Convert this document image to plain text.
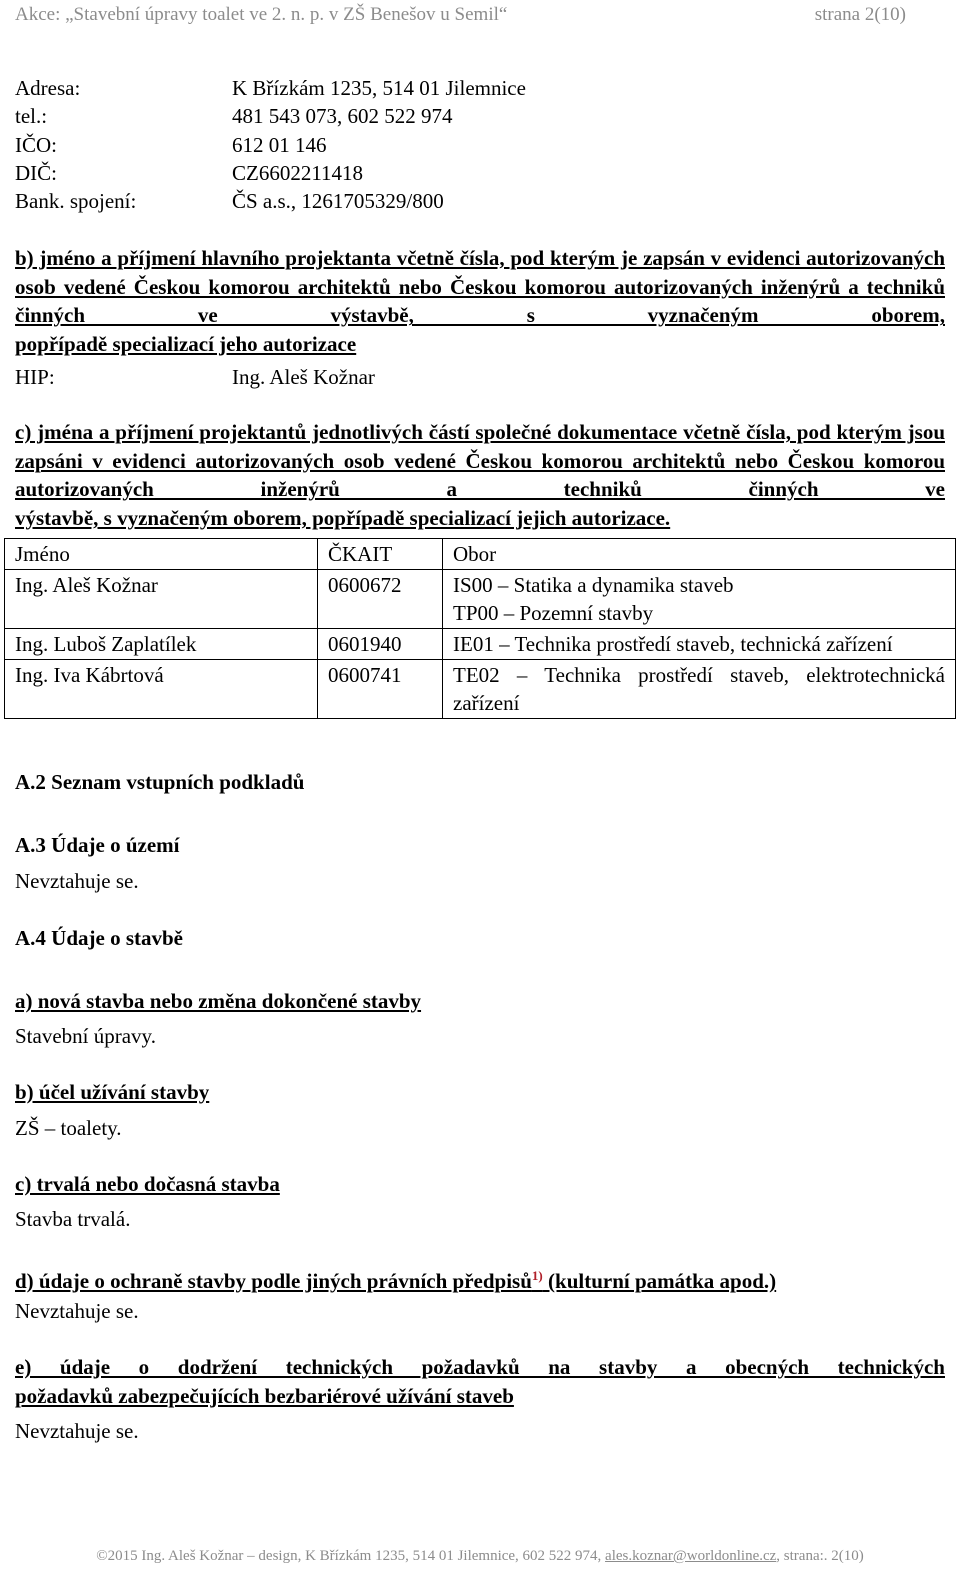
Akce: „Stavební úpravy toalet ve 2. n. p. v ZŠ Benešov u Semil“	strana 2(10)
Adresa:	K Břízkám 1235, 514 01 Jilemnice
tel.:	481 543 073, 602 522 974
IČO:	612 01 146
DIČ:	CZ6602211418
Bank. spojení:	ČS a.s., 1261705329/800
b) jméno a příjmení hlavního projektanta včetně čísla, pod kterým je zapsán v evidenci autorizovaných osob vedené Českou komorou architektů nebo Českou komorou autorizovaných inženýrů a techniků činných ve výstavbě, s vyznačeným oborem,
popřípadě specializací jeho autorizace
HIP:	Ing. Aleš Kožnar
c) jména a příjmení projektantů jednotlivých částí společné dokumentace včetně čísla, pod kterým jsou zapsáni v evidenci autorizovaných osob vedené Českou komorou architektů nebo Českou komorou autorizovaných inženýrů a techniků činných ve
výstavbě, s vyznačeným oborem, popřípadě specializací jejich autorizace.
Jméno	ČKAIT	Obor
Ing. Aleš Kožnar	0600672	IS00 – Statika a dynamika staveb
TP00 – Pozemní stavby

Ing. Luboš Zaplatílek	0601940	IE01 – Technika prostředí staveb, technická zařízení
Ing. Iva Kábrtová	0600741	TE02 – Technika prostředí staveb, elektrotechnická zařízení
A.2 Seznam vstupních podkladů
A.3 Údaje o území
Nevztahuje se.
A.4 Údaje o stavbě
a) nová stavba nebo změna dokončené stavby
Stavební úpravy.
b) účel užívání stavby
ZŠ – toalety.
c) trvalá nebo dočasná stavba
Stavba trvalá.
d) údaje o ochraně stavby podle jiných právních předpisů$^{1)}$ (kulturní památka apod.)
Nevztahuje se.
e) údaje o dodržení technických požadavků na stavby a obecných technických
požadavků zabezpečujících bezbariérové užívání staveb
Nevztahuje se.
©2015 Ing. Aleš Kožnar – design, K Břízkám 1235, 514 01 Jilemnice, 602 522 974, ales.koznar@worldonline.cz, strana:. 2(10)
